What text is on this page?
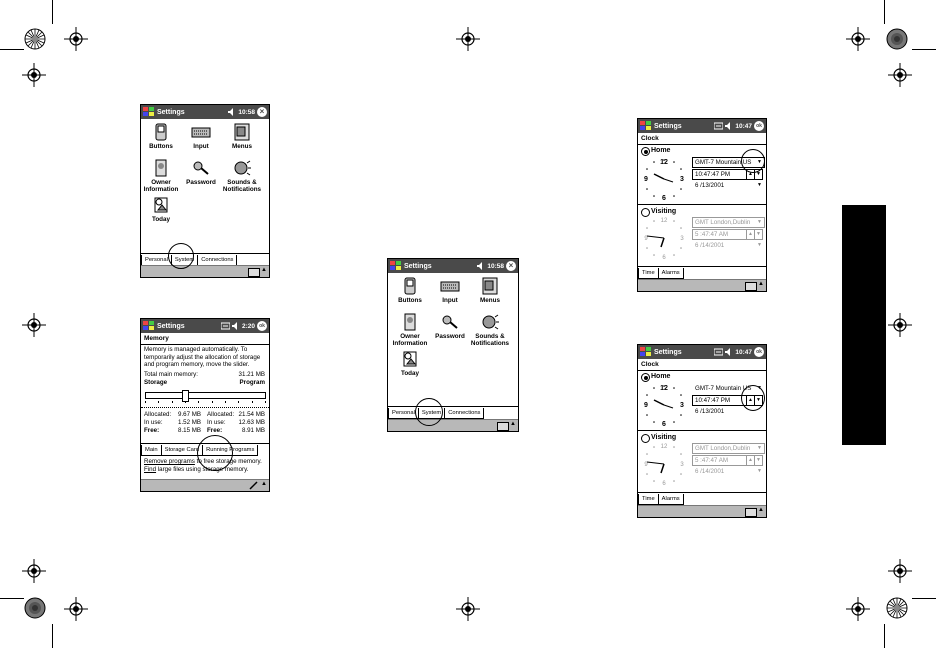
Settings	10:58 ×
Buttons	Input	Menus
Owner Information
Password	Sounds & Notifications
Today
Personal	System	Connections
▲
Settings	2:20 ok
Memory
Memory is managed automatically. To temporarily adjust the allocation of storage and program memory, move the slider.
Total main memory:	31.21 MB
Storage	Program
Allocated: 9.67 MB Allocated: 21.54 MB
In use: 1.52 MB In use: 12.63 MB
Free:	8.15 MB Free:	8.91 MB
Main	Storage Card	Running Programs
Remove programs to free storage memory.
Find large files using storage memory.
▲
Settings	10:58 ×
Buttons	Input	Menus
Owner Information
Password	Sounds & Notifications
Today
Personal	System	Connections
▲
Settings	10:47 ok
Clock
Home
12
3
6
9
GMT-7 Mountain US ▼
10:47:47 PM	▲ ▼
6 /13/2001	▼
Visiting
12
3
6
9
GMT London,Dublin ▼
5 :47:47 AM	▲ ▼
6 /14/2001	▼
Time	Alarms
▲
Settings	10:47 ok
Clock
Home
12
3
6
9
GMT-7 Mountain US ▼
10:47:47 PM	▲ ▼
6 /13/2001
Visiting
12
3
6
9
GMT London,Dublin ▼
5 :47:47 AM	▲ ▼
6 /14/2001	▼
Time	Alarms
▲
